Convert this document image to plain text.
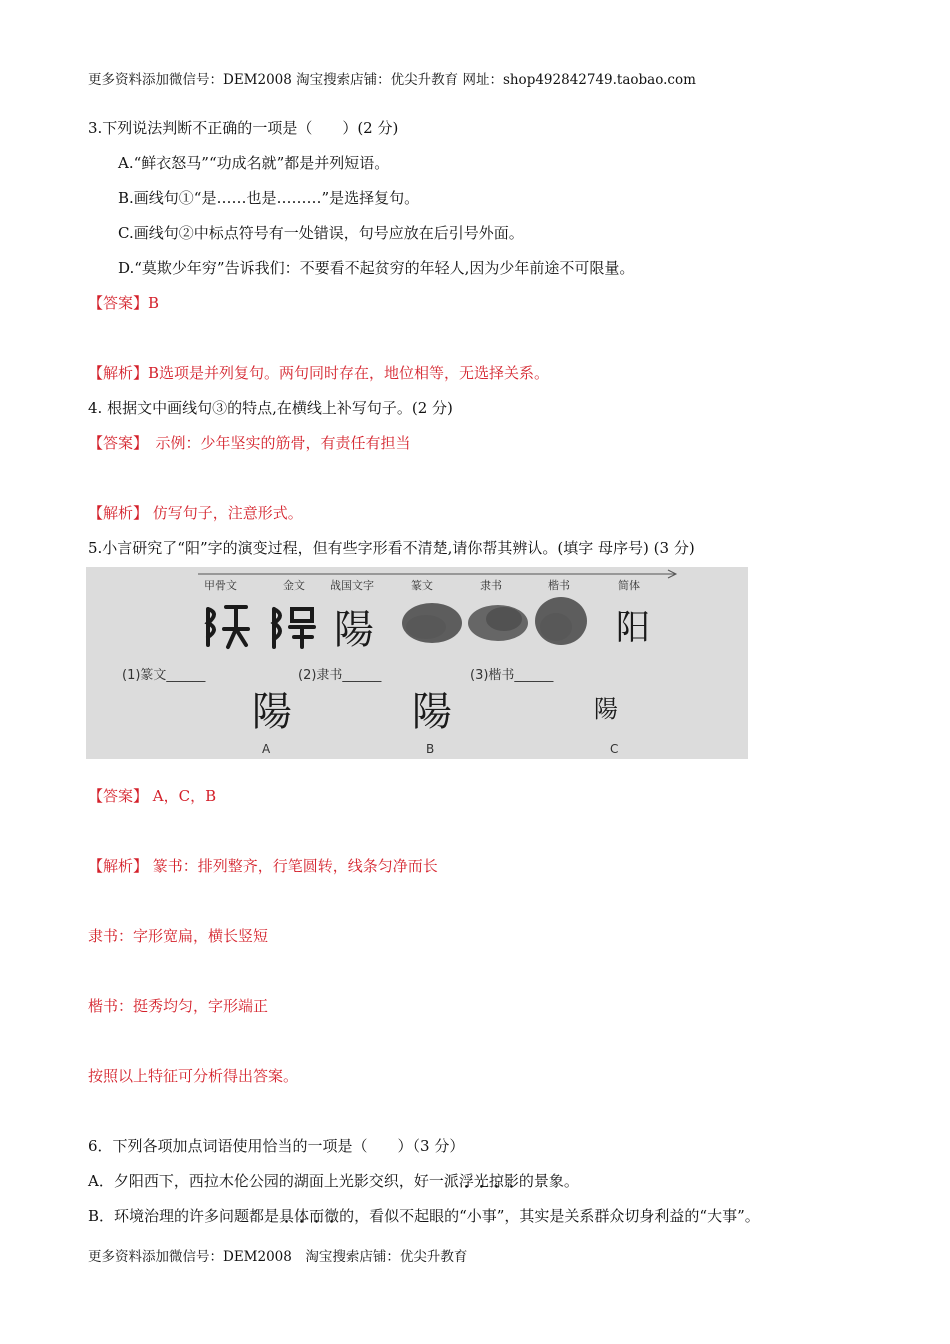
更多资料添加微信号：DEM2008 淘宝搜索店铺：优尖升教育 网址：shop492842749.taobao.com
3.下列说法判断不正确的一项是（　　）(2 分)
A.“鲜衣怒马”“功成名就”都是并列短语。
B.画线句①“是……也是………”是选择复句。
C.画线句②中标点符号有一处错误，句号应放在后引号外面。
D.“莫欺少年穷”告诉我们：不要看不起贫穷的年轻人,因为少年前途不可限量。
【答案】B
【解析】B选项是并列复句。两句同时存在，地位相等，无选择关系。
4. 根据文中画线句③的特点,在横线上补写句子。(2 分)
【答案】　示例：少年坚实的筋骨，有责任有担当
【解析】 仿写句子，注意形式。
5.小言研究了“阳”字的演变过程，但有些字形看不清楚,请你帮其辨认。(填字 母序号) (3 分)
甲骨文	金文 战国文字	篆文	隶书	楷书	简体
陽	阳
(1)篆文______	(2)隶书______	(3)楷书______
陽	陽	陽
A	B	C
【答案】 A，C，B
【解析】 篆书：排列整齐，行笔圆转，线条匀净而长
隶书：字形宽扁，横长竖短
楷书：挺秀均匀，字形端正
按照以上特征可分析得出答案。
6．下列各项加点词语使用恰当的一项是（　　）（3 分）
A．夕阳西下，西拉木伦公园的湖面上光影交织，好一派浮光掠影的景象。
B．环境治理的许多问题都是具体而微的，看似不起眼的“小事”，其实是关系群众切身利益的“大事”。
更多资料添加微信号：DEM2008　淘宝搜索店铺：优尖升教育
